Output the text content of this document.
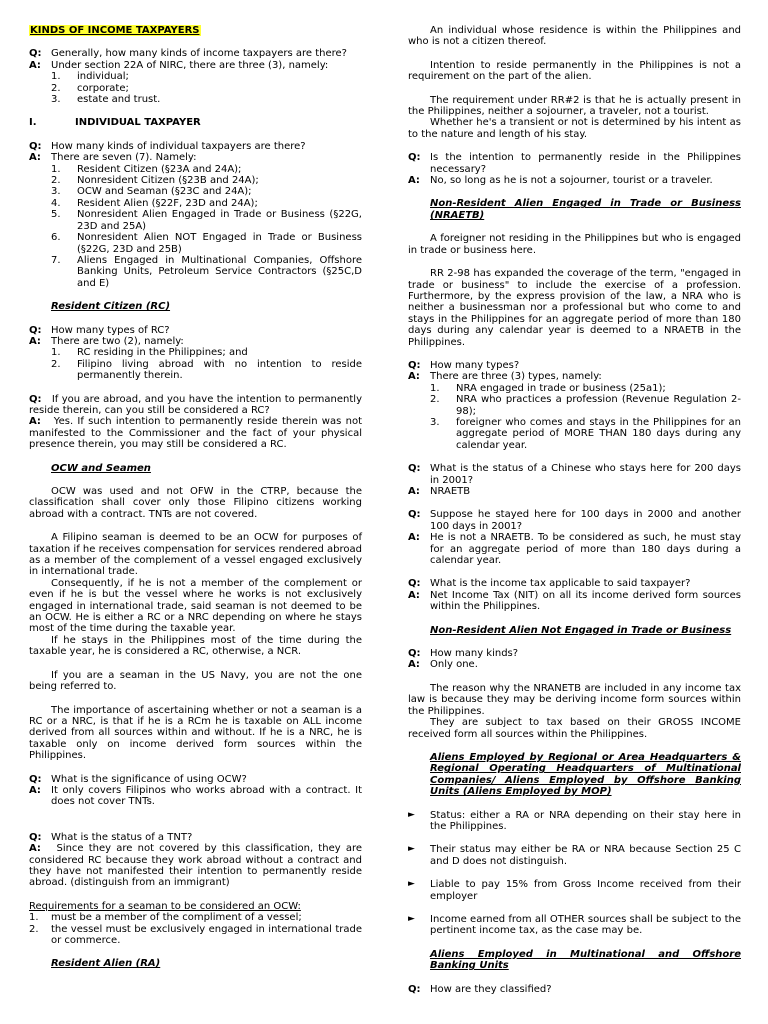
KINDS OF INCOME TAXPAYERS

Q: Generally, how many kinds of income taxpayers are there?
A:	Under section 22A of NIRC, there are three (3), namely:
1.	individual;
2.	corporate;
3.	estate and trust.
I.	INDIVIDUAL TAXPAYER
Q: How many kinds of individual taxpayers are there?
A:	There are seven (7). Namely:
1.	Resident Citizen (§23A and 24A);
2.	Nonresident Citizen (§23B and 24A);
3.	OCW and Seaman (§23C and 24A);
4.	Resident Alien (§22F, 23D and 24A);
5.	Nonresident Alien Engaged in Trade or Business (§22G, 23D and 25A)
6.	Nonresident Alien NOT Engaged in Trade or Business (§22G, 23D and 25B)
7.	Aliens Engaged in Multinational Companies, Offshore Banking Units, Petroleum Service Contractors (§25C,D and E)

Resident Citizen (RC)

Q: How many types of RC?
A:	There are two (2), namely:
1.	RC residing in the Philippines; and
2.	Filipino living abroad with no intention to reside permanently therein.

Q: If you are abroad, and you have the intention to permanently reside therein, can you still be considered a RC?

A: Yes. If such intention to permanently reside therein was not manifested to the Commissioner and the fact of your physical presence therein, you may still be considered a RC.

OCW and Seamen

OCW was used and not OFW in the CTRP, because the classification shall cover only those Filipino citizens working abroad with a contract. TNTs are not covered.

A Filipino seaman is deemed to be an OCW for purposes of taxation if he receives compensation for services rendered abroad as a member of the complement of a vessel engaged exclusively in international trade.

Consequently, if he is not a member of the complement or even if he is but the vessel where he works is not exclusively engaged in international trade, said seaman is not deemed to be an OCW. He is either a RC or a NRC depending on where he stays most of the time during the taxable year.

If he stays in the Philippines most of the time during the taxable year, he is considered a RC, otherwise, a NCR.

If you are a seaman in the US Navy, you are not the one being referred to.

The importance of ascertaining whether or not a seaman is a RC or a NRC, is that if he is a RCm he is taxable on ALL income derived from all sources within and without. If he is a NRC, he is taxable only on income derived form sources within the Philippines.

Q: What is the significance of using OCW?
A:	It only covers Filipinos who works abroad with a contract. It does not cover TNTs.
Q: What is the status of a TNT?

A: Since they are not covered by this classification, they are considered RC because they work abroad without a contract and they have not manifested their intention to permanently reside abroad. (distinguish from an immigrant)

Requirements for a seaman to be considered an OCW:

1.	must be a member of the compliment of a vessel;
2.	the vessel must be exclusively engaged in international trade or commerce.

Resident Alien (RA)

An individual whose residence is within the Philippines and who is not a citizen thereof.

Intention to reside permanently in the Philippines is not a requirement on the part of the alien.

The requirement under RR#2 is that he is actually present in the Philippines, neither a sojourner, a traveler, not a tourist.

Whether he's a transient or not is determined by his intent as to the nature and length of his stay.

Q: Is the intention to permanently reside in the Philippines necessary?
A:	No, so long as he is not a sojourner, tourist or a traveler.

Non-Resident Alien Engaged in Trade or Business (NRAETB)

A foreigner not residing in the Philippines but who is engaged in trade or business here.

RR 2-98 has expanded the coverage of the term, "engaged in trade or business" to include the exercise of a profession. Furthermore, by the express provision of the law, a NRA who is neither a businessman nor a professional but who come to and stays in the Philippines for an aggregate period of more than 180 days during any calendar year is deemed to a NRAETB in the Philippines.

Q: How many types?
A:	There are three (3) types, namely:
1.	NRA engaged in trade or business (25a1);
2.	NRA who practices a profession (Revenue Regulation 2-98);
3.	foreigner who comes and stays in the Philippines for an aggregate period of MORE THAN 180 days during any calendar year.
Q: What is the status of a Chinese who stays here for 200 days in 2001?
A:	NRAETB
Q: Suppose he stayed here for 100 days in 2000 and another 100 days in 2001?
A:	He is not a NRAETB. To be considered as such, he must stay for an aggregate period of more than 180 days during a calendar year.
Q: What is the income tax applicable to said taxpayer?
A:	Net Income Tax (NIT) on all its income derived form sources within the Philippines.

Non-Resident Alien Not Engaged in Trade or Business

Q: How many kinds?
A:	Only one.

The reason why the NRANETB are included in any income tax law is because they may be deriving income form sources within the Philippines.

They are subject to tax based on their GROSS INCOME received form all sources within the Philippines.

Aliens Employed by Regional or Area Headquarters & Regional Operating Headquarters of Multinational Companies/ Aliens Employed by Offshore Banking Units (Aliens Employed by MOP)

►	Status: either a RA or NRA depending on their stay here in the Philippines.
►	Their status may either be RA or NRA because Section 25 C and D does not distinguish.
►	Liable to pay 15% from Gross Income received from their employer
►	Income earned from all OTHER sources shall be subject to the pertinent income tax, as the case may be.

Aliens Employed in Multinational and Offshore Banking Units

Q: How are they classified?
